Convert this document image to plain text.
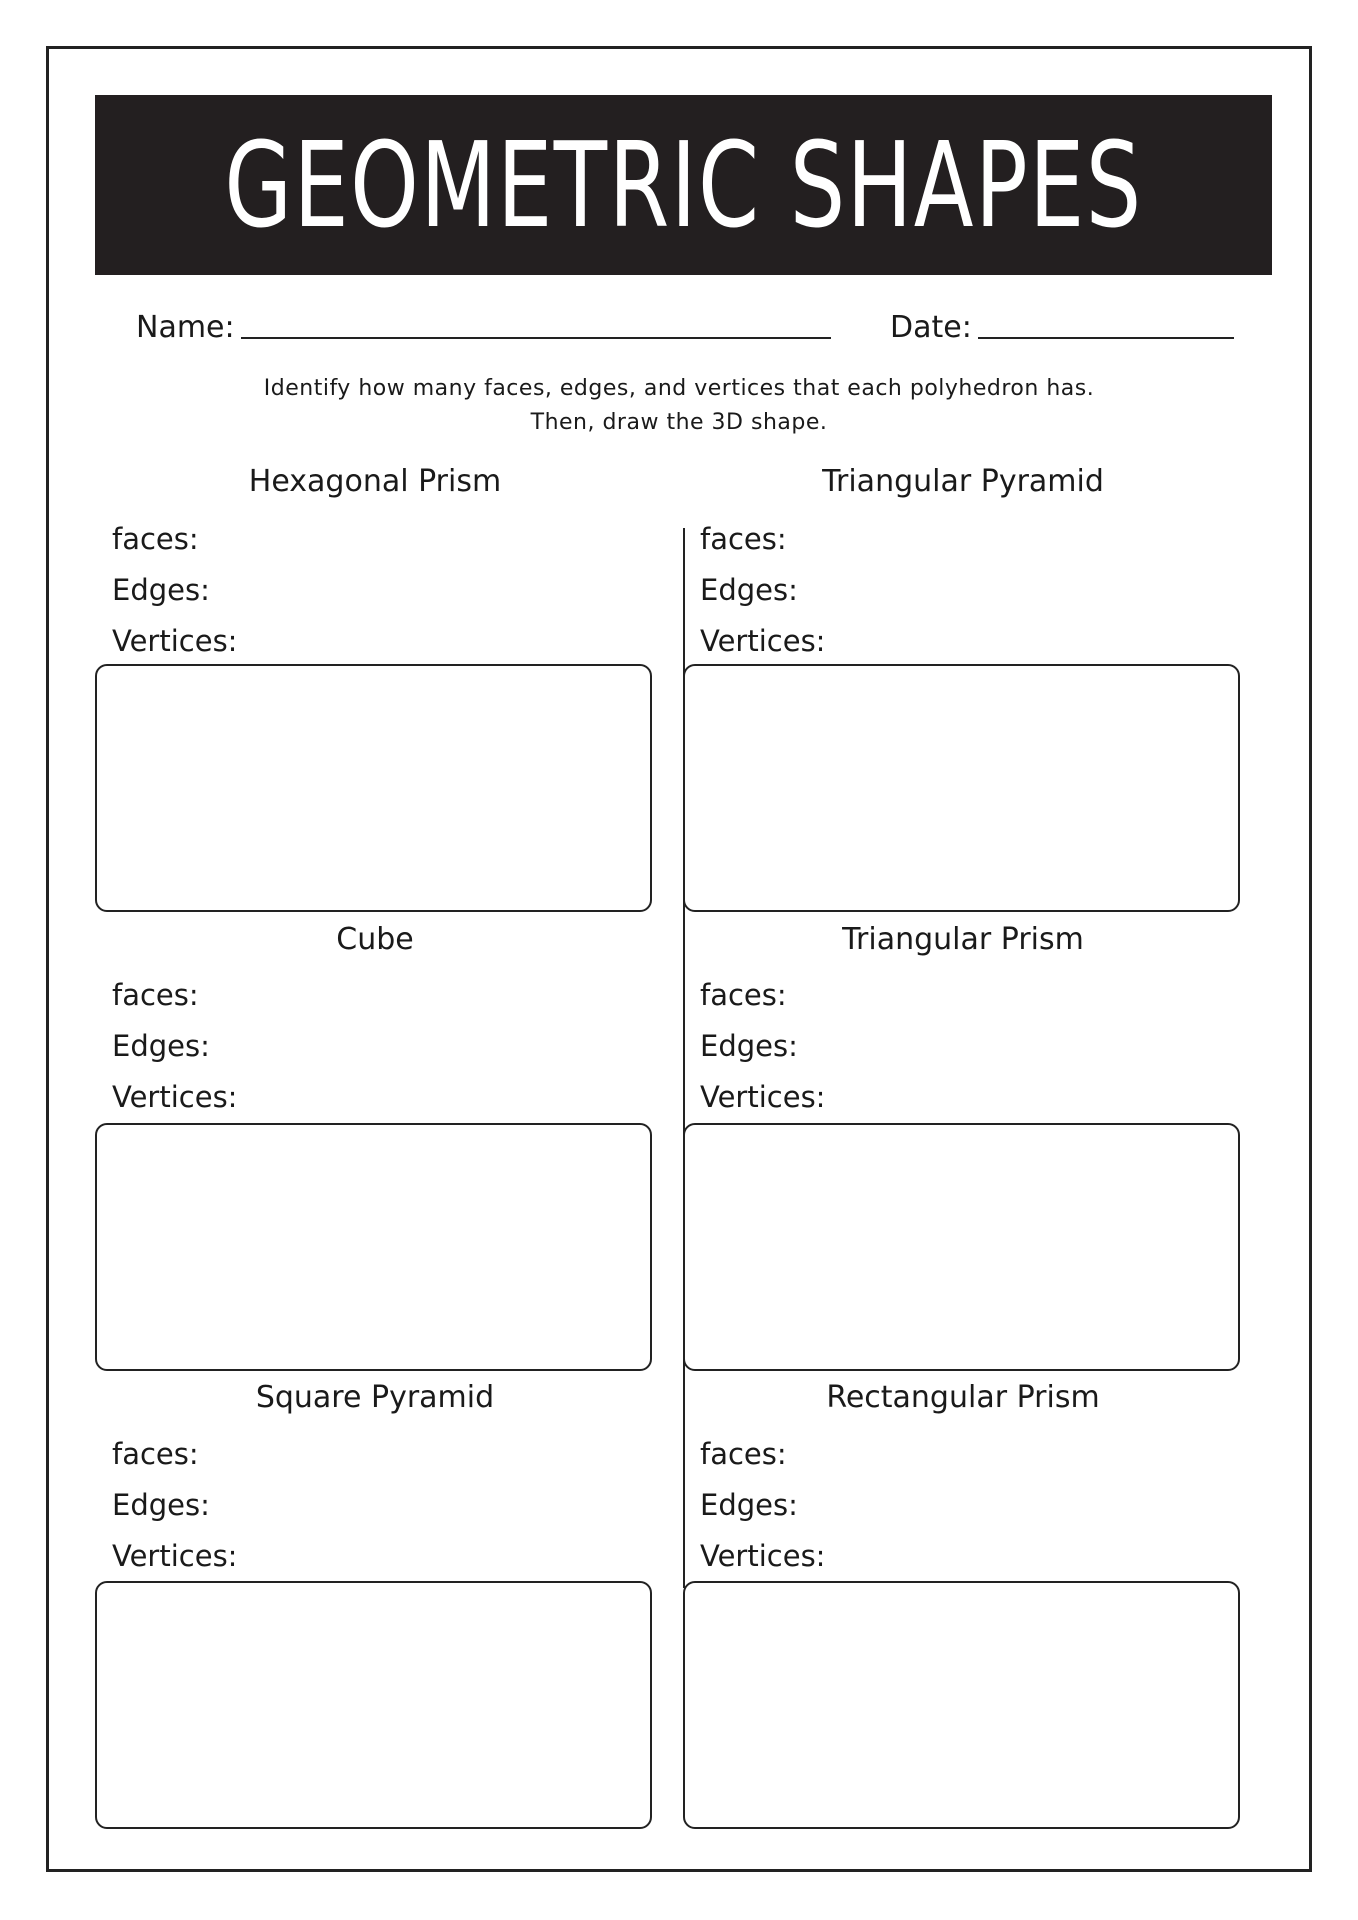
GEOMETRIC SHAPES
Name:	Date:
Identify how many faces, edges, and vertices that each polyhedron has.
Then, draw the 3D shape.
Hexagonal Prism
faces:
Edges:
Vertices:
Triangular Pyramid
faces:
Edges:
Vertices:
Cube
faces:
Edges:
Vertices:
Triangular Prism
faces:
Edges:
Vertices:
Square Pyramid
faces:
Edges:
Vertices:
Rectangular Prism
faces:
Edges:
Vertices:
